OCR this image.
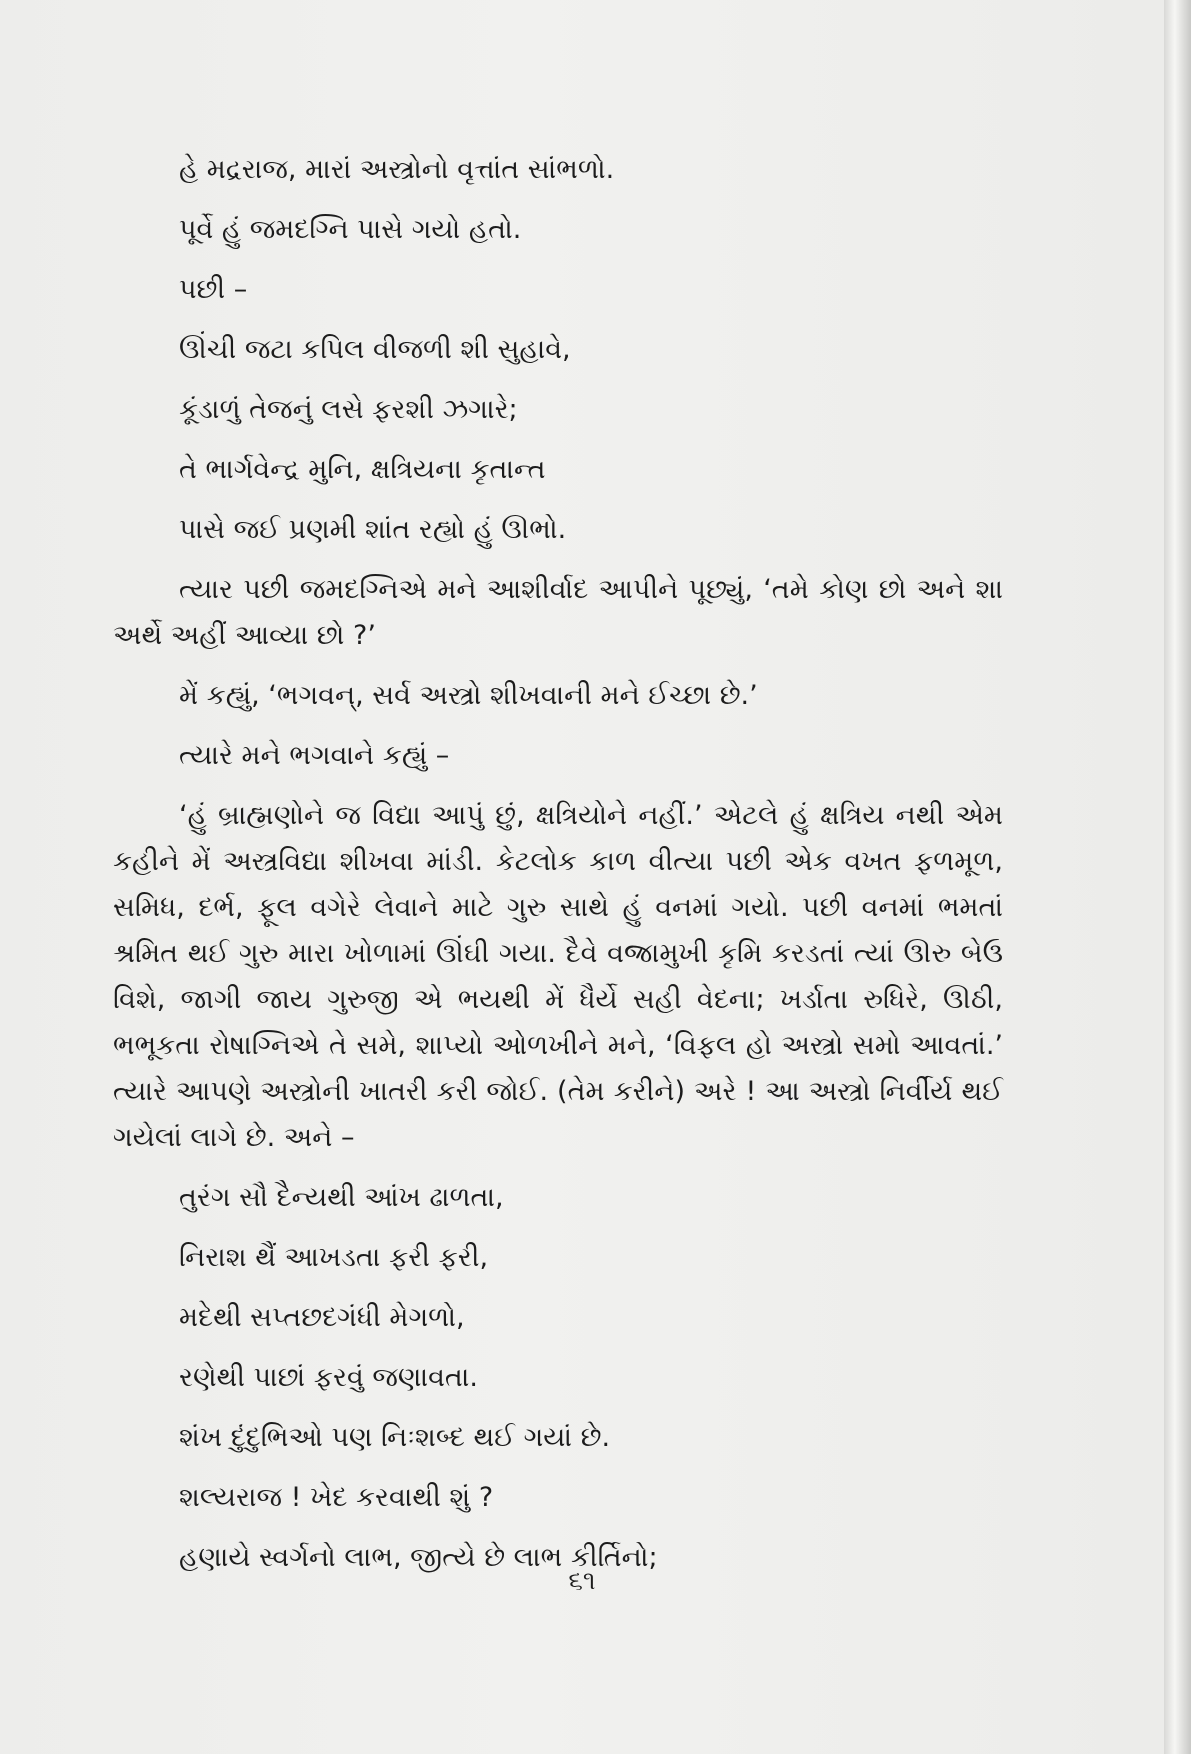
હે મદ્રરાજ, મારાં અસ્ત્રોનો વૃત્તાંત સાંભળો.
પૂર્વે હું જમદગ્નિ પાસે ગયો હતો.
પછી –
ઊંચી જટા કપિલ વીજળી શી સુહાવે,
કૂંડાળું તેજનું લસે ફરશી ઝગારે;
તે ભાર્ગવેન્દ્ર મુનિ, ક્ષત્રિયના કૃતાન્ત
પાસે જઈ પ્રણમી શાંત રહ્યો હું ઊભો.
ત્યાર પછી જમદગ્નિએ મને આશીર્વાદ આપીને પૂછ્યું, ‘તમે કોણ છો અને શા અર્થે અહીં આવ્યા છો ?’
મેં કહ્યું, ‘ભગવન્, સર્વ અસ્ત્રો શીખવાની મને ઈચ્છા છે.’
ત્યારે મને ભગવાને કહ્યું –
‘હું બ્રાહ્મણોને જ વિદ્યા આપું છું, ક્ષત્રિયોને નહીં.’ એટલે હું ક્ષત્રિય નથી એમ કહીને મેં અસ્ત્રવિદ્યા શીખવા માંડી. કેટલોક કાળ વીત્યા પછી એક વખત ફળમૂળ, સમિધ, દર્ભ, ફૂલ વગેરે લેવાને માટે ગુરુ સાથે હું વનમાં ગયો. પછી વનમાં ભમતાં શ્રમિત થઈ ગુરુ મારા ખોળામાં ઊંઘી ગયા. દૈવે વજ્રામુખી કૃમિ કરડતાં ત્યાં ઊરુ બેઉ વિશે, જાગી જાય ગુરુજી એ ભયથી મેં ધૈર્યે સહી વેદના; ખર્ડાતા રુધિરે, ઊઠી, ભભૂકતા રોષાગ્નિએ તે સમે, શાપ્યો ઓળખીને મને, ‘વિફલ હો અસ્ત્રો સમો આવતાં.’ ત્યારે આપણે અસ્ત્રોની ખાતરી કરી જોઈ. (તેમ કરીને) અરે ! આ અસ્ત્રો નિર્વીર્ય થઈ ગયેલાં લાગે છે. અને –
તુરંગ સૌ દૈન્યથી આંખ ઢાળતા,
નિરાશ થૈં આખડતા ફરી ફરી,
મદેથી સપ્તછદગંધી મેગળો,
રણેથી પાછાં ફરવું જણાવતા.
શંખ દુંદુભિઓ પણ નિઃશબ્દ થઈ ગયાં છે.
શલ્યરાજ ! ખેદ કરવાથી શું ?
હણાયે સ્વર્ગનો લાભ, જીત્યે છે લાભ કીર્તિનો;
૬૧
